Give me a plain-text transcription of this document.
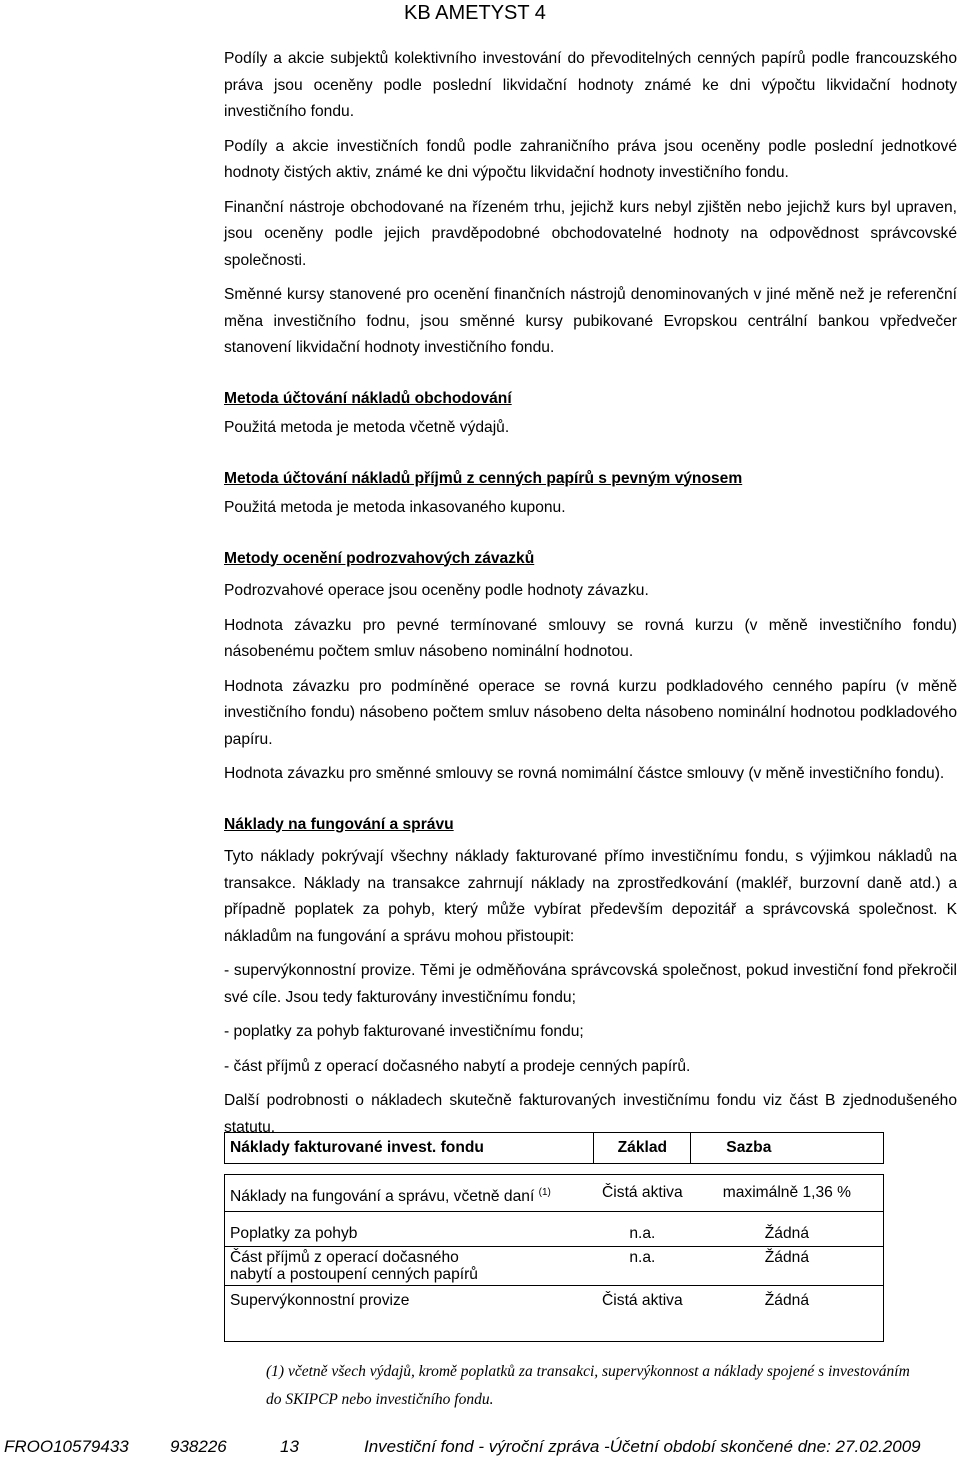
KB AMETYST 4

Podíly a akcie subjektů kolektivního investování do převoditelných cenných papírů podle francouzského práva jsou oceněny podle poslední likvidační hodnoty známé ke dni výpočtu likvidační hodnoty investičního fondu.

Podíly a akcie investičních fondů podle zahraničního práva jsou oceněny podle poslední jednotkové hodnoty čistých aktiv, známé ke dni výpočtu likvidační hodnoty investičního fondu.

Finanční nástroje obchodované na řízeném trhu, jejichž kurs nebyl zjištěn nebo jejichž kurs byl upraven, jsou oceněny podle jejich pravděpodobné obchodovatelné hodnoty na odpovědnost správcovské společnosti.

Směnné kursy stanovené pro ocenění finančních nástrojů denominovaných v jiné měně než je referenční měna investičního fodnu, jsou směnné kursy pubikované Evropskou centrální bankou vpředvečer stanovení likvidační hodnoty investičního fondu.

Metoda účtování nákladů obchodování

Použitá metoda je metoda včetně výdajů.

Metoda účtování nákladů příjmů z cenných papírů s pevným výnosem

Použitá metoda je metoda inkasovaného kuponu.

Metody ocenění podrozvahových závazků

Podrozvahové operace jsou oceněny podle hodnoty závazku.

Hodnota závazku pro pevné termínované smlouvy se rovná kurzu (v měně investičního fondu) násobenému počtem smluv násobeno nominální hodnotou.

Hodnota závazku pro podmíněné operace se rovná kurzu podkladového cenného papíru (v měně investičního fondu) násobeno počtem smluv násobeno delta násobeno nominální hodnotou podkladového papíru.

Hodnota závazku pro směnné smlouvy se rovná nomimální částce smlouvy (v měně investičního fondu).

Náklady na fungování a správu

Tyto náklady pokrývají všechny náklady fakturované přímo investičnímu fondu, s výjimkou nákladů na transakce. Náklady na transakce zahrnují náklady na zprostředkování (makléř, burzovní daně atd.) a případně poplatek za pohyb, který může vybírat především depozitář a správcovská společnost. K nákladům na fungování a správu mohou přistoupit:

- supervýkonnostní provize. Těmi je odměňována správcovská společnost, pokud investiční fond překročil své cíle. Jsou tedy fakturovány investičnímu fondu;

- poplatky za pohyb fakturované investičnímu fondu;

- část příjmů z operací dočasného nabytí a prodeje cenných papírů.

Další podrobnosti o nákladech skutečně fakturovaných investičnímu fondu viz část B zjednodušeného statutu.

Náklady fakturované invest. fondu	Základ	Sazba

Náklady na fungování a správu, včetně daní $^{(1)}$	Čistá aktiva	maximálně 1,36 %

Poplatky za pohyb	n.a.	Žádná
Část příjmů z operací dočasného nabytí a postoupení cenných papírů	n.a.	Žádná
Supervýkonnostní provize	Čistá aktiva	Žádná
(1) včetně všech výdajů, kromě poplatků za transakci, supervýkonnost a náklady spojené s investováním do SKIPCP nebo investičního fondu.
FROO10579433 938226	13	Investiční fond - výroční zpráva -Účetní období skončené dne: 27.02.2009
